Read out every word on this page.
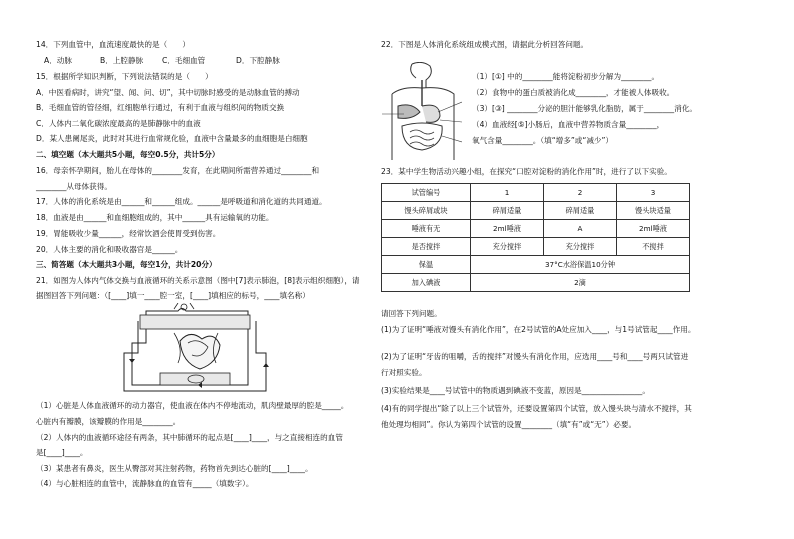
14．下列血管中，血流速度最快的是（　　）
A．动脉	B．上腔静脉 C．毛细血管	D．下腔静脉
15．根据所学知识判断，下列说法错误的是（　　）
A．中医看病时，讲究“望、闻、问、切”，其中切脉时感受的是动脉血管的搏动
B．毛细血管的管径细，红细胞单行通过，有利于血液与组织间的物质交换
C．人体内二氧化碳浓度最高的是肺静脉中的血液
D．某人患阑尾炎，此时对其进行血常规化验，血液中含量最多的血细胞是白细胞
二、填空题（本大题共5小题，每空0.5分，共计5分）
16．母亲怀孕期间，胎儿在母体的________发育，在此期间所需营养通过________和
________从母体获得。
17．人体的消化系统是由______和______组成。______是呼吸道和消化道的共同通道。
18．血液是由______和血细胞组成的，其中______具有运输氧的功能。
19．胃能吸收少量______，经常饮酒会使胃受到伤害。
20．人体主要的消化和吸收器官是______。
三、简答题（本大题共3小题，每空1分，共计20分）
21．如图为人体内气体交换与血液循环的关系示意图（图中[7]表示肺泡，[8]表示组织细胞），请
据图回答下列问题：（[____]填一____腔一室，[____]填相应的标号，____填名称）
（1）心脏是人体血液循环的动力器官，使血液在体内不停地流动，肌肉壁最厚的腔是_____。
心脏内有瓣膜，该瓣膜的作用是________。
（2）人体内的血液循环途径有两条，其中肺循环的起点是[____]____，与之直接相连的血管
是[____]____。
（3）某患者有鼻炎，医生从臀部对其注射药物，药物首先到达心脏的[____]____。
（4）与心脏相连的血管中，流静脉血的血管有_____（填数字）。
22．下图是人体消化系统组成模式图，请据此分析回答问题。
（1）[①] 中的________能将淀粉初步分解为________。
（2）食物中的蛋白质被消化成________，才能被人体吸收。
（3）[③] ________分泌的胆汁能够乳化脂肪，属于________消化。
（4）血液经[⑤]小肠后，血液中营养物质含量________，
氧气含量________。（填“增多”或“减少”）
23．某中学生物活动兴趣小组，在探究“口腔对淀粉的消化作用”时，进行了以下实验。
试管编号	1	2	3
馒头碎屑或块	碎屑适量	碎屑适量	馒头块适量
唾液有无	2ml唾液	A	2ml唾液
是否搅拌	充分搅拌	充分搅拌	不搅拌
保温	37°C水浴保温10分钟		
加入碘液	2滴		
请回答下列问题。
(1)为了证明“唾液对馒头有消化作用”，在2号试管的A处应加入____，与1号试管起____作用。
(2)为了证明“牙齿的咀嚼，舌的搅拌”对馒头有消化作用，应选用____号和____号两只试管进
行对照实验。
(3)实验结果是____号试管中的物质遇到碘液不变蓝，原因是________________。
(4)有的同学提出“除了以上三个试管外，还要设置第四个试管，放入馒头块与清水不搅拌，其
他处理均相同”。你认为第四个试管的设置________（填“有”或“无”）必要。
